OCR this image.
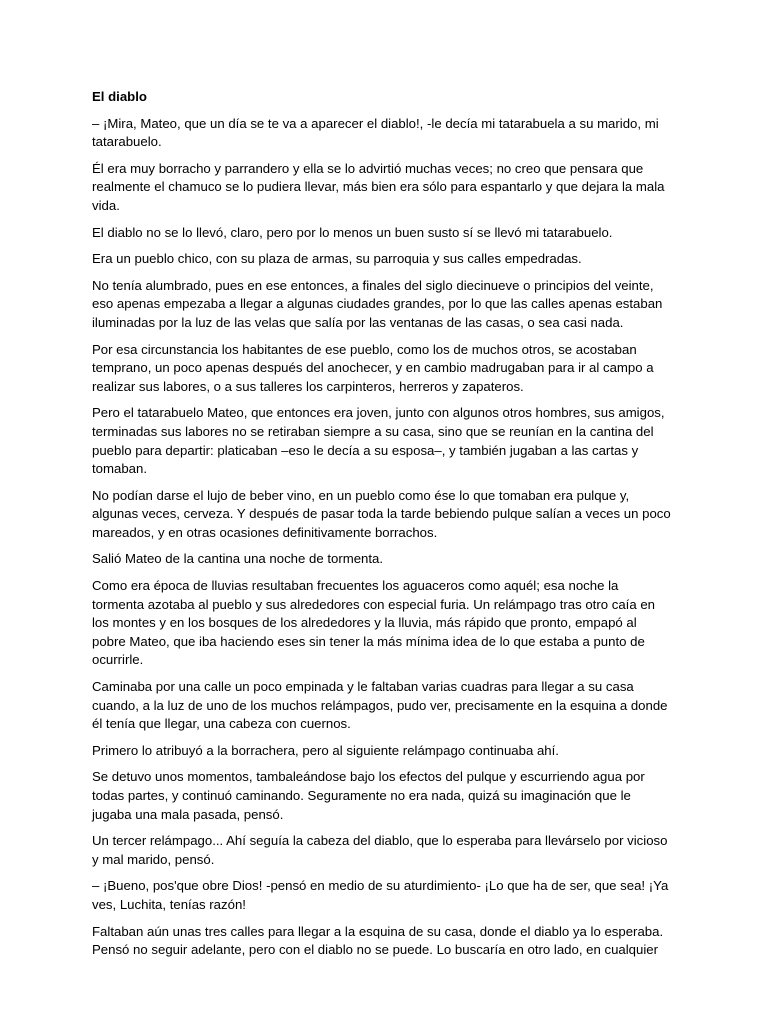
El diablo

– ¡Mira, Mateo, que un día se te va a aparecer el diablo!, -le decía mi tatarabuela a su marido, mi tatarabuelo.

Él era muy borracho y parrandero y ella se lo advirtió muchas veces; no creo que pensara que realmente el chamuco se lo pudiera llevar, más bien era sólo para espantarlo y que dejara la mala vida.

El diablo no se lo llevó, claro, pero por lo menos un buen susto sí se llevó mi tatarabuelo.

Era un pueblo chico, con su plaza de armas, su parroquia y sus calles empedradas.

No tenía alumbrado, pues en ese entonces, a finales del siglo diecinueve o principios del veinte, eso apenas empezaba a llegar a algunas ciudades grandes, por lo que las calles apenas estaban iluminadas por la luz de las velas que salía por las ventanas de las casas, o sea casi nada.

Por esa circunstancia los habitantes de ese pueblo, como los de muchos otros, se acostaban temprano, un poco apenas después del anochecer, y en cambio madrugaban para ir al campo a realizar sus labores, o a sus talleres los carpinteros, herreros y zapateros.

Pero el tatarabuelo Mateo, que entonces era joven, junto con algunos otros hombres, sus amigos, terminadas sus labores no se retiraban siempre a su casa, sino que se reunían en la cantina del pueblo para departir: platicaban –eso le decía a su esposa–, y también jugaban a las cartas y tomaban.

No podían darse el lujo de beber vino, en un pueblo como ése lo que tomaban era pulque y, algunas veces, cerveza. Y después de pasar toda la tarde bebiendo pulque salían a veces un poco mareados, y en otras ocasiones definitivamente borrachos.

Salió Mateo de la cantina una noche de tormenta.

Como era época de lluvias resultaban frecuentes los aguaceros como aquél; esa noche la tormenta azotaba al pueblo y sus alrededores con especial furia. Un relámpago tras otro caía en los montes y en los bosques de los alrededores y la lluvia, más rápido que pronto, empapó al pobre Mateo, que iba haciendo eses sin tener la más mínima idea de lo que estaba a punto de ocurrirle.

Caminaba por una calle un poco empinada y le faltaban varias cuadras para llegar a su casa cuando, a la luz de uno de los muchos relámpagos, pudo ver, precisamente en la esquina a donde él tenía que llegar, una cabeza con cuernos.

Primero lo atribuyó a la borrachera, pero al siguiente relámpago continuaba ahí.

Se detuvo unos momentos, tambaleándose bajo los efectos del pulque y escurriendo agua por todas partes, y continuó caminando. Seguramente no era nada, quizá su imaginación que le jugaba una mala pasada, pensó.

Un tercer relámpago... Ahí seguía la cabeza del diablo, que lo esperaba para llevárselo por vicioso y mal marido, pensó.

– ¡Bueno, pos'que obre Dios! -pensó en medio de su aturdimiento- ¡Lo que ha de ser, que sea! ¡Ya ves, Luchita, tenías razón!

Faltaban aún unas tres calles para llegar a la esquina de su casa, donde el diablo ya lo esperaba. Pensó no seguir adelante, pero con el diablo no se puede. Lo buscaría en otro lado, en cualquier
